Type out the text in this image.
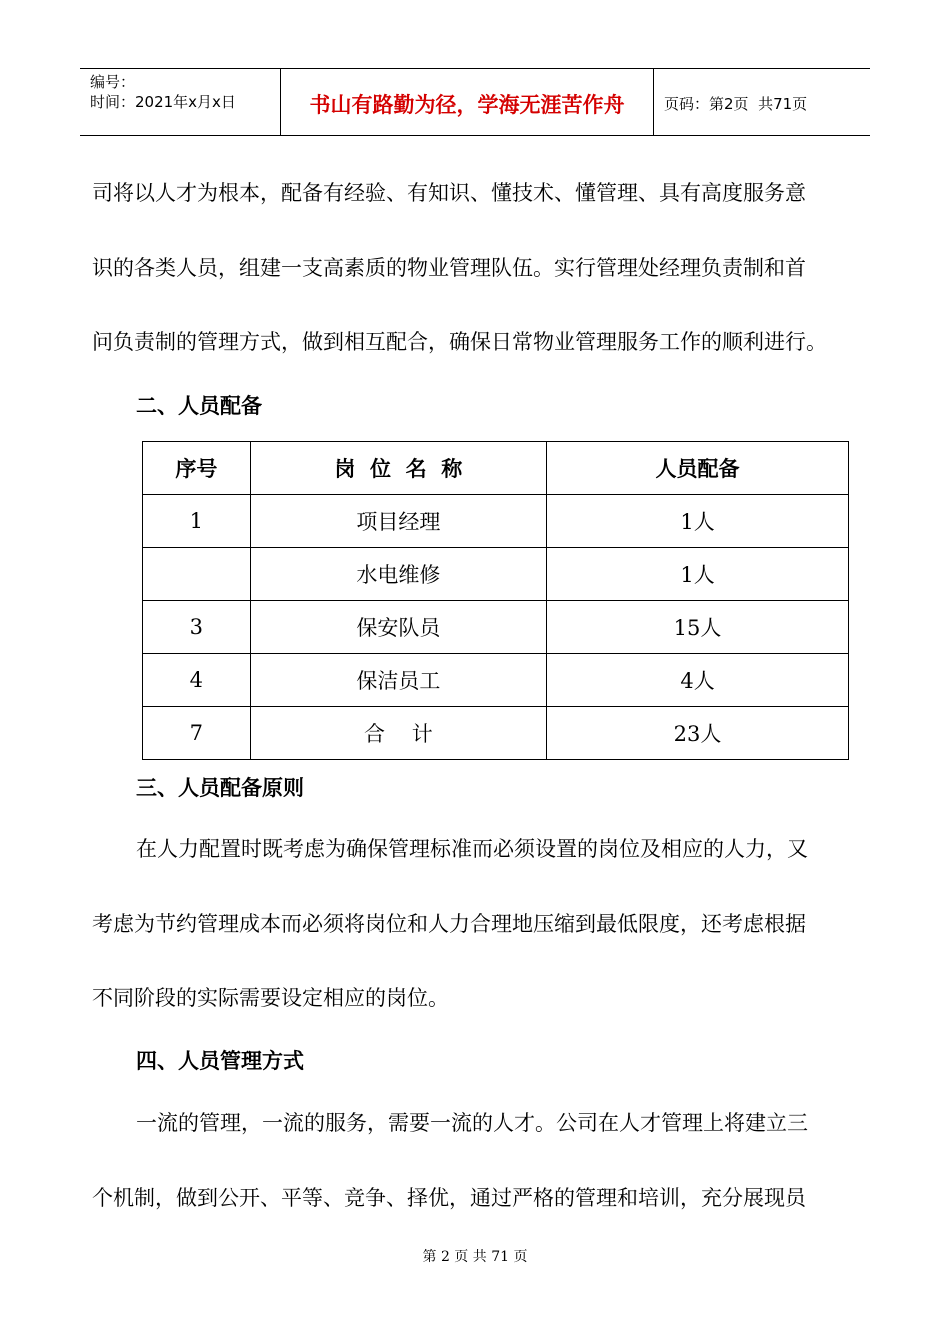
编号：
时间：2021年x月x日	书山有路勤为径，学海无涯苦作舟	页码：第2页  共71页
司将以人才为根本，配备有经验、有知识、懂技术、懂管理、具有高度服务意
识的各类人员，组建一支高素质的物业管理队伍。实行管理处经理负责制和首
问负责制的管理方式，做到相互配合，确保日常物业管理服务工作的顺利进行。
二、人员配备
序号	岗  位  名  称	人员配备
1	项目经理	1人
	水电维修	1人
3	保安队员	15人
4	保洁员工	4人
7	合    计	23人
三、人员配备原则
在人力配置时既考虑为确保管理标准而必须设置的岗位及相应的人力，又
考虑为节约管理成本而必须将岗位和人力合理地压缩到最低限度，还考虑根据
不同阶段的实际需要设定相应的岗位。
四、人员管理方式
一流的管理，一流的服务，需要一流的人才。公司在人才管理上将建立三
个机制，做到公开、平等、竞争、择优，通过严格的管理和培训，充分展现员
第 2 页 共 71 页
